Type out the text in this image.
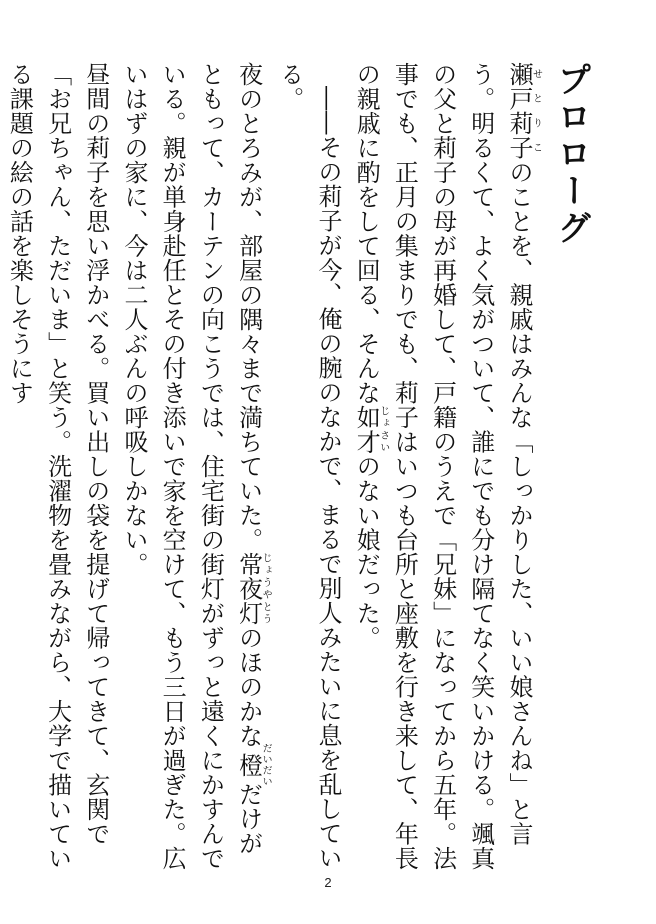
プロローグ

瀬戸莉子せとりこのことを、親戚はみんな「しっかりした、いい娘さんね」と言う。明るくて、よく気がついて、誰にでも分け隔てなく笑いかける。颯真の父と莉子の母が再婚して、戸籍のうえで「兄妹」になってから五年。法事でも、正月の集まりでも、莉子はいつも台所と座敷を行き来して、年長の親戚に酌をして回る、そんな如才じょさいのない娘だった。

――その莉子が今、俺の腕のなかで、まるで別人みたいに息を乱している。

夜のとろみが、部屋の隅々まで満ちていた。常夜灯じょうやとうのほのかな橙だいだいだけがともって、カーテンの向こうでは、住宅街の街灯がずっと遠くにかすんでいる。親が単身赴任とその付き添いで家を空けて、もう三日が過ぎた。広いはずの家に、今は二人ぶんの呼吸しかない。

昼間の莉子を思い浮かべる。買い出しの袋を提げて帰ってきて、玄関で「お兄ちゃん、ただいま」と笑う。洗濯物を畳みながら、大学で描いている課題の絵の話を楽しそうにす

2
